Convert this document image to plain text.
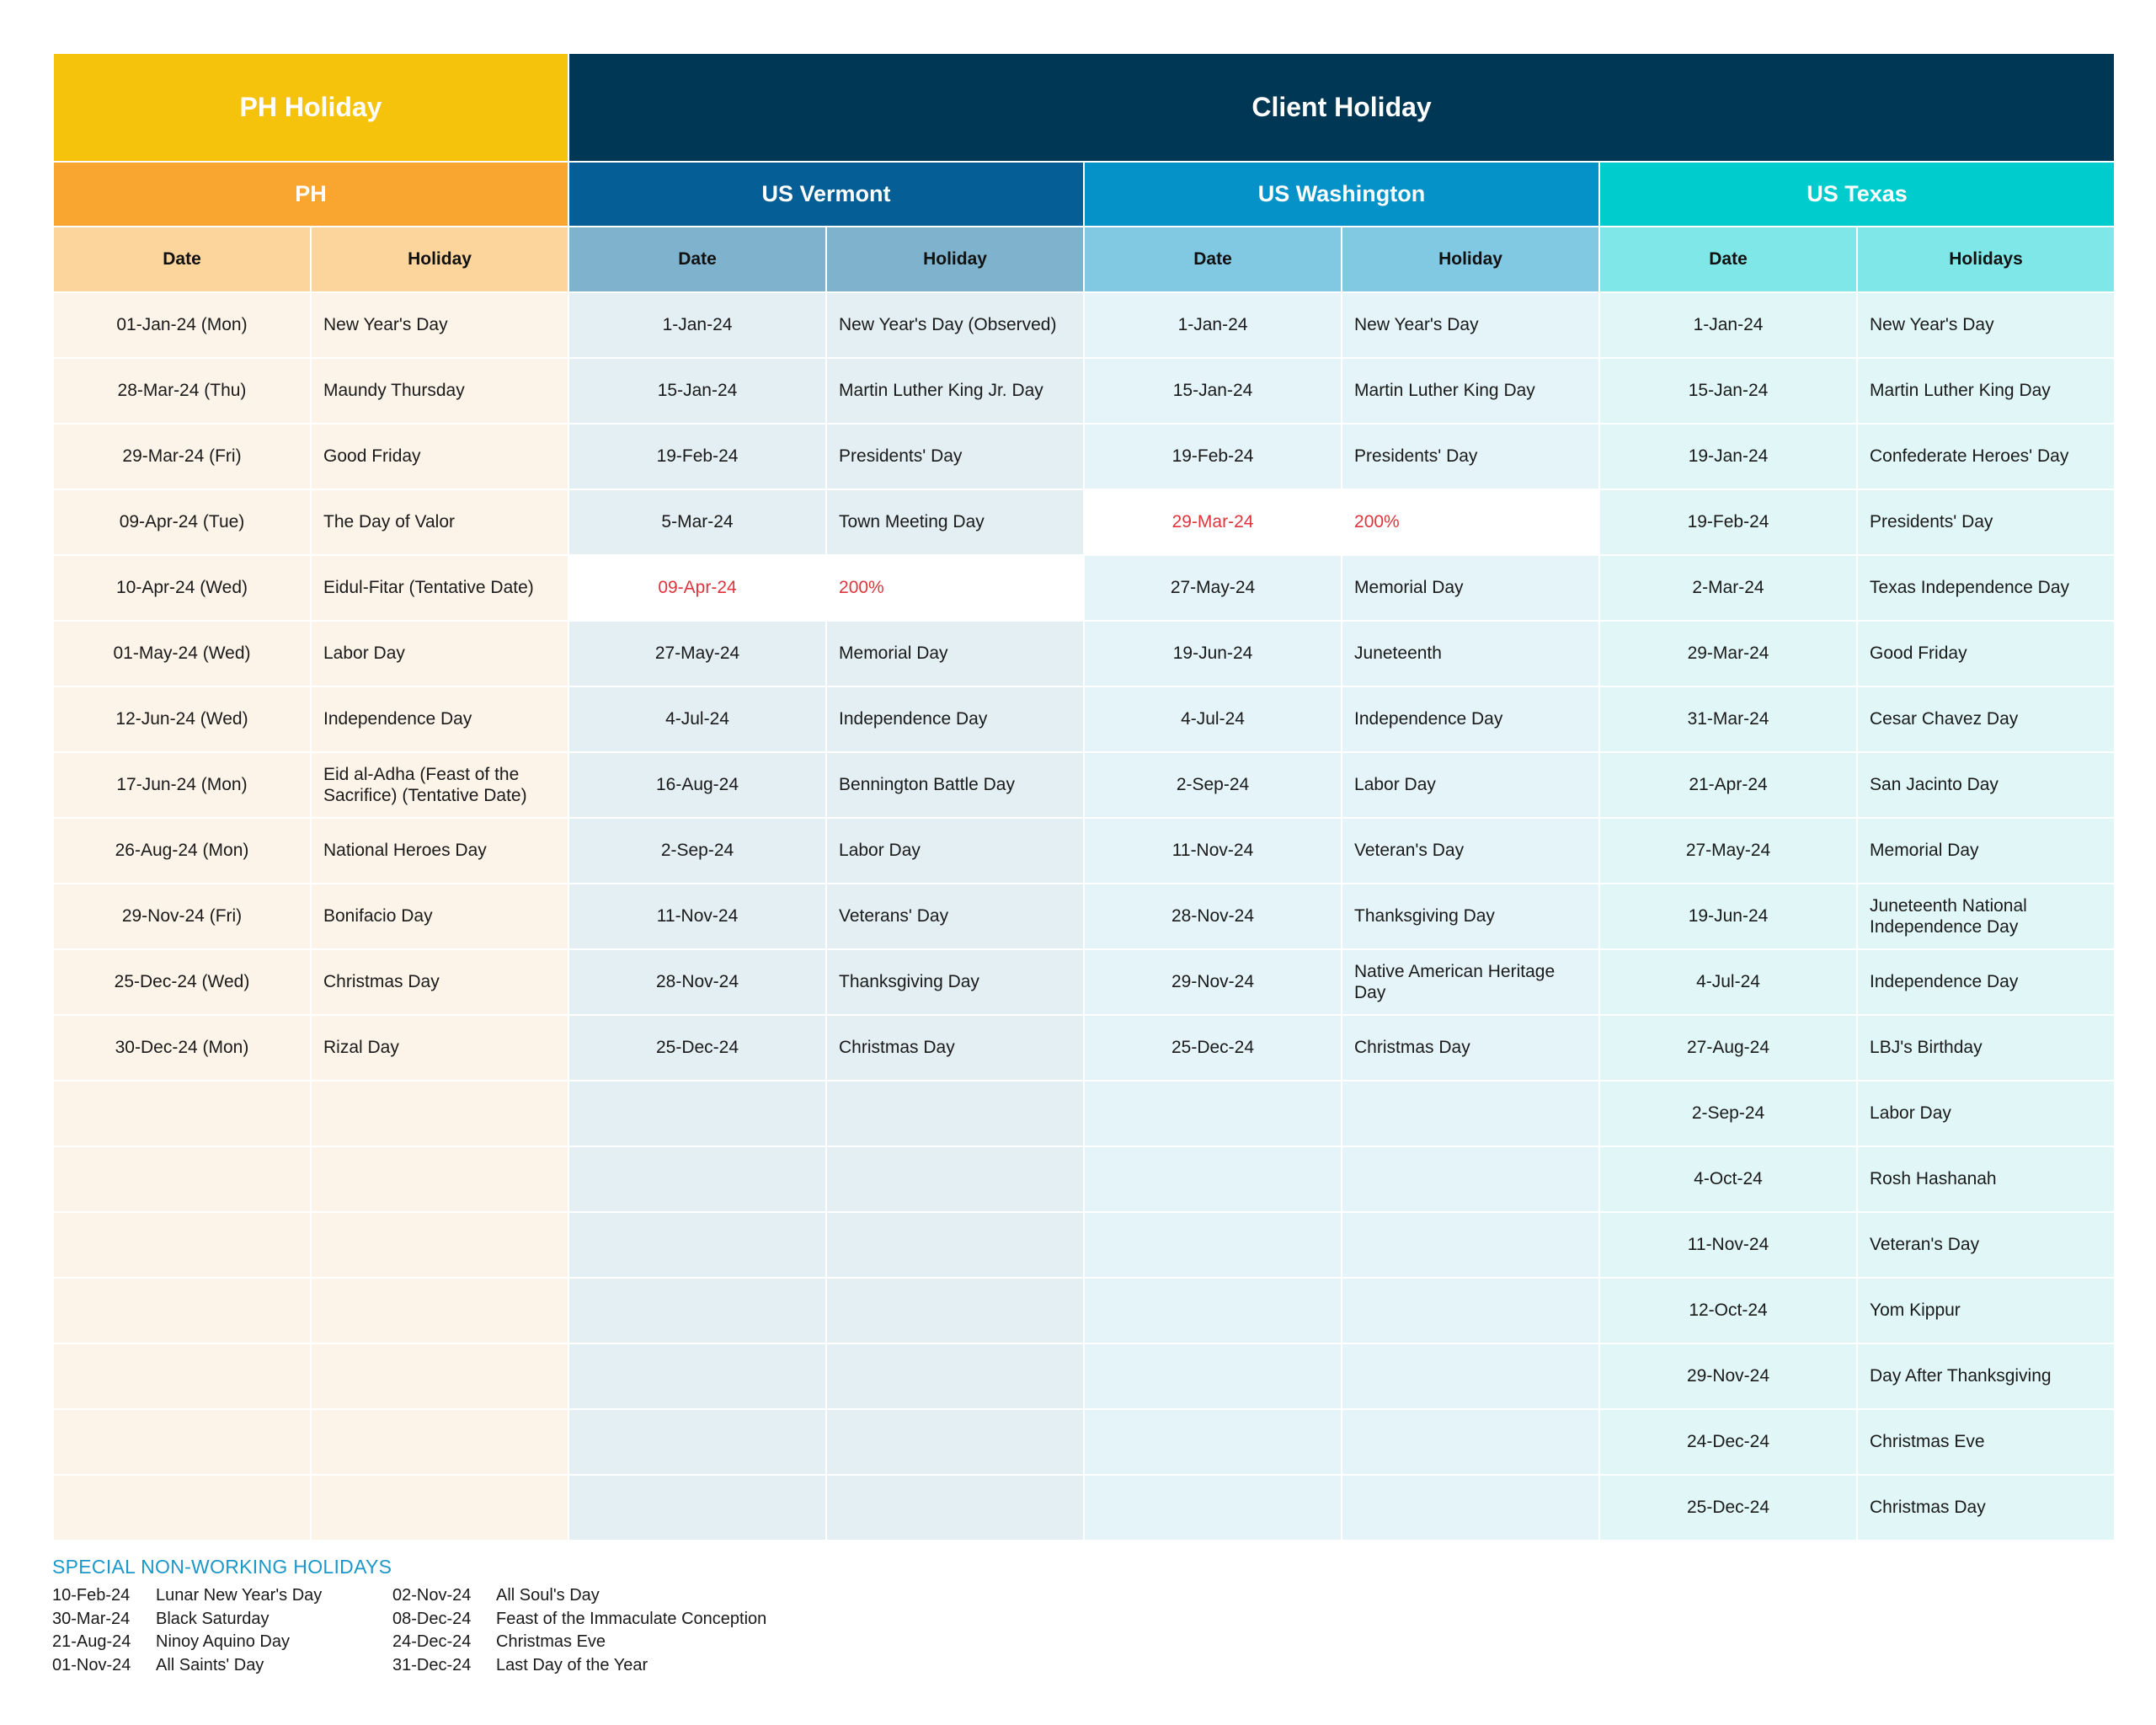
PH Holiday		Client Holiday					
PH		US Vermont		US Washington		US Texas	
Date	Holiday	Date	Holiday	Date	Holiday	Date	Holidays
01-Jan-24 (Mon)	New Year's Day	1-Jan-24	New Year's Day (Observed)	1-Jan-24	New Year's Day	1-Jan-24	New Year's Day
28-Mar-24 (Thu)	Maundy Thursday	15-Jan-24	Martin Luther King Jr. Day	15-Jan-24	Martin Luther King Day	15-Jan-24	Martin Luther King Day
29-Mar-24 (Fri)	Good Friday	19-Feb-24	Presidents' Day	19-Feb-24	Presidents' Day	19-Jan-24	Confederate Heroes' Day
09-Apr-24 (Tue)	The Day of Valor	5-Mar-24	Town Meeting Day	29-Mar-24	200%	19-Feb-24	Presidents' Day
10-Apr-24 (Wed)	Eidul-Fitar (Tentative Date)	09-Apr-24	200%	27-May-24	Memorial Day	2-Mar-24	Texas Independence Day
01-May-24 (Wed)	Labor Day	27-May-24	Memorial Day	19-Jun-24	Juneteenth	29-Mar-24	Good Friday
12-Jun-24 (Wed)	Independence Day	4-Jul-24	Independence Day	4-Jul-24	Independence Day	31-Mar-24	Cesar Chavez Day
17-Jun-24 (Mon)	Eid al-Adha (Feast of the Sacrifice) (Tentative Date)	16-Aug-24	Bennington Battle Day	2-Sep-24	Labor Day	21-Apr-24	San Jacinto Day
26-Aug-24 (Mon)	National Heroes Day	2-Sep-24	Labor Day	11-Nov-24	Veteran's Day	27-May-24	Memorial Day
29-Nov-24 (Fri)	Bonifacio Day	11-Nov-24	Veterans' Day	28-Nov-24	Thanksgiving Day	19-Jun-24	Juneteenth National Independence Day
25-Dec-24 (Wed)	Christmas Day	28-Nov-24	Thanksgiving Day	29-Nov-24	Native American Heritage Day	4-Jul-24	Independence Day
30-Dec-24 (Mon)	Rizal Day	25-Dec-24	Christmas Day	25-Dec-24	Christmas Day	27-Aug-24	LBJ's Birthday
						2-Sep-24	Labor Day
						4-Oct-24	Rosh Hashanah
						11-Nov-24	Veteran's Day
						12-Oct-24	Yom Kippur
						29-Nov-24	Day After Thanksgiving
						24-Dec-24	Christmas Eve
						25-Dec-24	Christmas Day
SPECIAL NON-WORKING HOLIDAYS
10-Feb-24 Lunar New Year's Day
30-Mar-24 Black Saturday
21-Aug-24 Ninoy Aquino Day
01-Nov-24 All Saints' Day
02-Nov-24 All Soul's Day
08-Dec-24 Feast of the Immaculate Conception
24-Dec-24 Christmas Eve
31-Dec-24 Last Day of the Year
